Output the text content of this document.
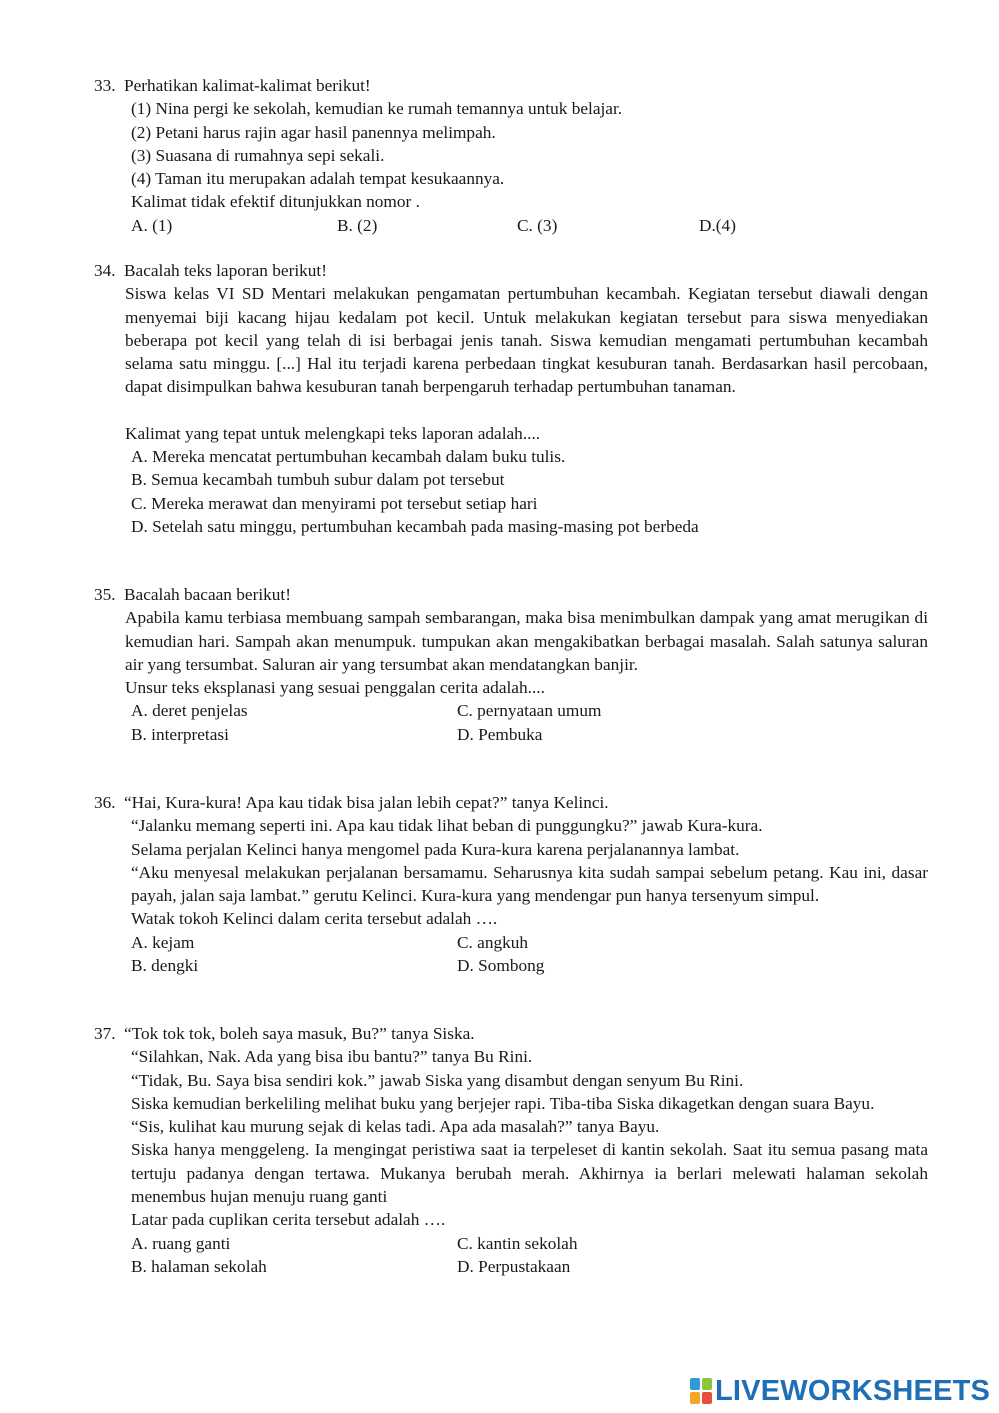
33. Perhatikan kalimat-kalimat berikut!
(1) Nina pergi ke sekolah, kemudian ke rumah temannya untuk belajar.
(2) Petani harus rajin agar hasil panennya melimpah.
(3) Suasana di rumahnya sepi sekali.
(4) Taman itu merupakan adalah tempat kesukaannya.
Kalimat tidak efektif ditunjukkan nomor .
A. (1)	B. (2)	C. (3)	D.(4)
34. Bacalah teks laporan berikut!
Siswa kelas VI SD Mentari melakukan pengamatan pertumbuhan kecambah. Kegiatan tersebut diawali dengan menyemai biji kacang hijau kedalam pot kecil. Untuk melakukan kegiatan tersebut para siswa menyediakan beberapa pot kecil yang telah di isi berbagai jenis tanah. Siswa kemudian mengamati pertumbuhan kecambah selama satu minggu. [...] Hal itu terjadi karena perbedaan tingkat kesuburan tanah. Berdasarkan hasil percobaan, dapat disimpulkan bahwa kesuburan tanah berpengaruh terhadap pertumbuhan tanaman.
Kalimat yang tepat untuk melengkapi teks laporan adalah....
A. Mereka mencatat pertumbuhan kecambah dalam buku tulis.
B. Semua kecambah tumbuh subur dalam pot tersebut
C. Mereka merawat dan menyirami pot tersebut setiap hari
D. Setelah satu minggu, pertumbuhan kecambah pada masing-masing pot berbeda
35. Bacalah bacaan berikut!
Apabila kamu terbiasa membuang sampah sembarangan, maka bisa menimbulkan dampak yang amat merugikan di kemudian hari. Sampah akan menumpuk. tumpukan akan mengakibatkan berbagai masalah. Salah satunya saluran air yang tersumbat. Saluran air yang tersumbat akan mendatangkan banjir.
Unsur teks eksplanasi yang sesuai penggalan cerita adalah....
A. deret penjelas	C. pernyataan umum
B. interpretasi	D. Pembuka
36. “Hai, Kura-kura! Apa kau tidak bisa jalan lebih cepat?” tanya Kelinci.
“Jalanku memang seperti ini. Apa kau tidak lihat beban di punggungku?” jawab Kura-kura.
Selama perjalan Kelinci hanya mengomel pada Kura-kura karena perjalanannya lambat.
“Aku menyesal melakukan perjalanan bersamamu. Seharusnya kita sudah sampai sebelum petang. Kau ini, dasar payah, jalan saja lambat.” gerutu Kelinci. Kura-kura yang mendengar pun hanya tersenyum simpul.
Watak tokoh Kelinci dalam cerita tersebut adalah ….
A. kejam	C. angkuh
B. dengki	D. Sombong
37. “Tok tok tok, boleh saya masuk, Bu?” tanya Siska.
“Silahkan, Nak. Ada yang bisa ibu bantu?” tanya Bu Rini.
“Tidak, Bu. Saya bisa sendiri kok.” jawab Siska yang disambut dengan senyum Bu Rini.
Siska kemudian berkeliling melihat buku yang berjejer rapi. Tiba-tiba Siska dikagetkan dengan suara Bayu.
“Sis, kulihat kau murung sejak di kelas tadi. Apa ada masalah?” tanya Bayu.
Siska hanya menggeleng. Ia mengingat peristiwa saat ia terpeleset di kantin sekolah. Saat itu semua pasang mata tertuju padanya dengan tertawa. Mukanya berubah merah. Akhirnya ia berlari melewati halaman sekolah menembus hujan menuju ruang ganti
Latar pada cuplikan cerita tersebut adalah ….
A. ruang ganti	C. kantin sekolah
B. halaman sekolah	D. Perpustakaan
LIVEWORKSHEETS
